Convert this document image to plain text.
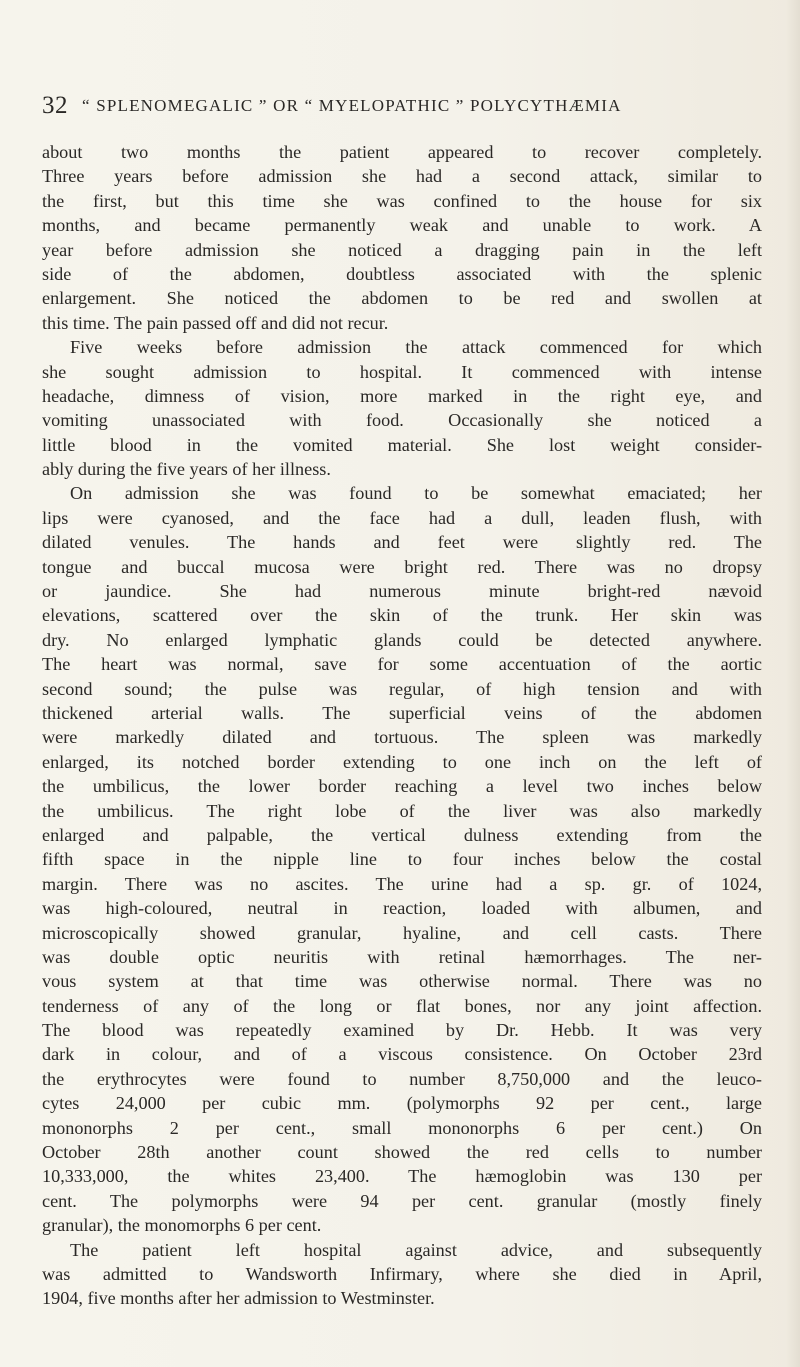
32 “ SPLENOMEGALIC ” OR “ MYELOPATHIC ” POLYCYTHÆMIA
about two months the patient appeared to recover completely.
Three years before admission she had a second attack, similar to
the first, but this time she was confined to the house for six
months, and became permanently weak and unable to work. A
year before admission she noticed a dragging pain in the left
side of the abdomen, doubtless associated with the splenic
enlargement. She noticed the abdomen to be red and swollen at
this time. The pain passed off and did not recur.
Five weeks before admission the attack commenced for which
she sought admission to hospital. It commenced with intense
headache, dimness of vision, more marked in the right eye, and
vomiting unassociated with food. Occasionally she noticed a
little blood in the vomited material. She lost weight consider-
ably during the five years of her illness.
On admission she was found to be somewhat emaciated; her
lips were cyanosed, and the face had a dull, leaden flush, with
dilated venules. The hands and feet were slightly red. The
tongue and buccal mucosa were bright red. There was no dropsy
or jaundice. She had numerous minute bright-red nævoid
elevations, scattered over the skin of the trunk. Her skin was
dry. No enlarged lymphatic glands could be detected anywhere.
The heart was normal, save for some accentuation of the aortic
second sound; the pulse was regular, of high tension and with
thickened arterial walls. The superficial veins of the abdomen
were markedly dilated and tortuous. The spleen was markedly
enlarged, its notched border extending to one inch on the left of
the umbilicus, the lower border reaching a level two inches below
the umbilicus. The right lobe of the liver was also markedly
enlarged and palpable, the vertical dulness extending from the
fifth space in the nipple line to four inches below the costal
margin. There was no ascites. The urine had a sp. gr. of 1024,
was high-coloured, neutral in reaction, loaded with albumen, and
microscopically showed granular, hyaline, and cell casts. There
was double optic neuritis with retinal hæmorrhages. The ner-
vous system at that time was otherwise normal. There was no
tenderness of any of the long or flat bones, nor any joint affection.
The blood was repeatedly examined by Dr. Hebb. It was very
dark in colour, and of a viscous consistence. On October 23rd
the erythrocytes were found to number 8,750,000 and the leuco-
cytes 24,000 per cubic mm. (polymorphs 92 per cent., large
mononorphs 2 per cent., small mononorphs 6 per cent.) On
October 28th another count showed the red cells to number
10,333,000, the whites 23,400. The hæmoglobin was 130 per
cent. The polymorphs were 94 per cent. granular (mostly finely
granular), the monomorphs 6 per cent.
The patient left hospital against advice, and subsequently
was admitted to Wandsworth Infirmary, where she died in April,
1904, five months after her admission to Westminster.
